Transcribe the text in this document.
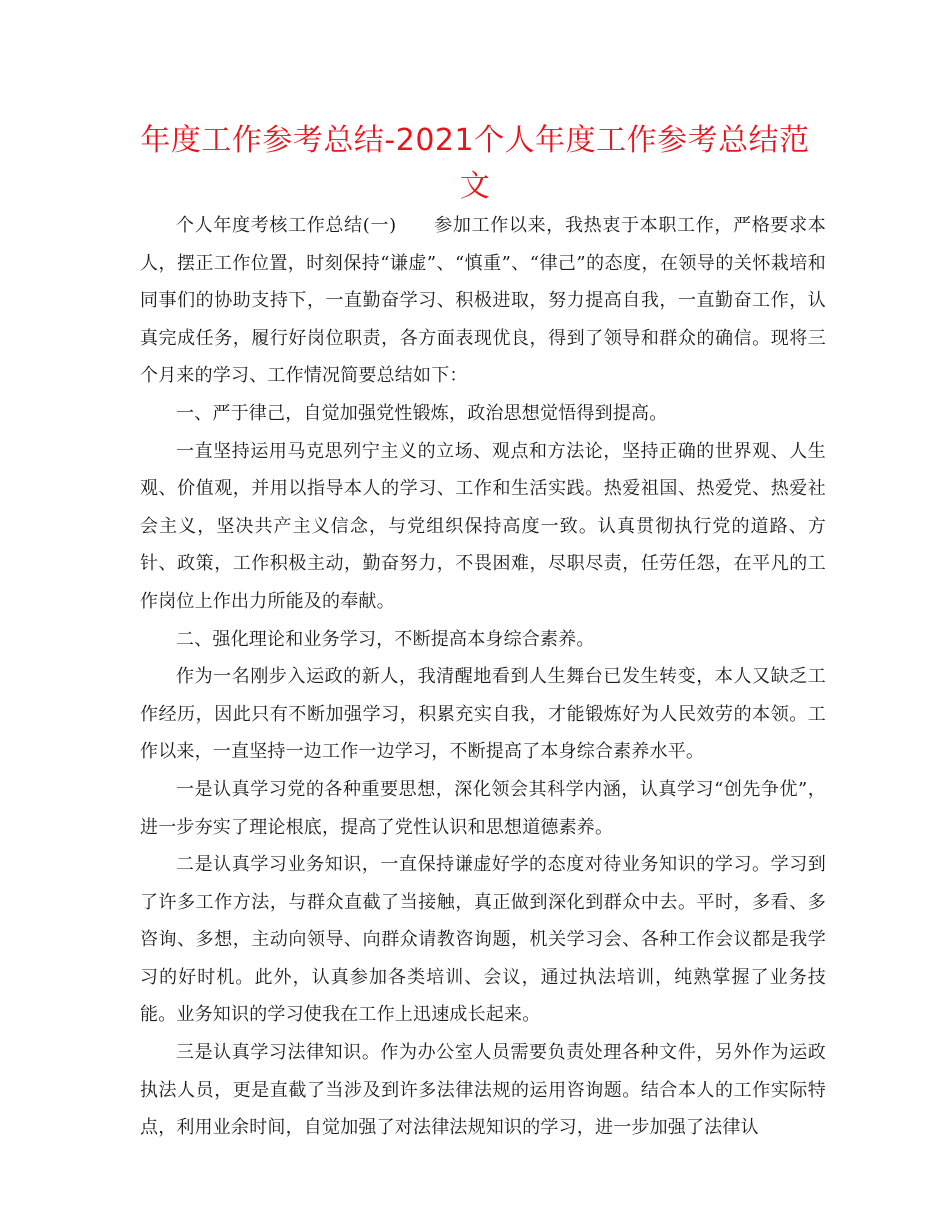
年度工作参考总结-2021个人年度工作参考总结范文

个人年度考核工作总结(一)　　参加工作以来，我热衷于本职工作，严格要求本人，摆正工作位置，时刻保持“谦虚”、“慎重”、“律己”的态度，在领导的关怀栽培和同事们的协助支持下，一直勤奋学习、积极进取，努力提高自我，一直勤奋工作，认真完成任务，履行好岗位职责，各方面表现优良，得到了领导和群众的确信。现将三个月来的学习、工作情况简要总结如下：

一、严于律己，自觉加强党性锻炼，政治思想觉悟得到提高。

一直坚持运用马克思列宁主义的立场、观点和方法论，坚持正确的世界观、人生观、价值观，并用以指导本人的学习、工作和生活实践。热爱祖国、热爱党、热爱社会主义，坚决共产主义信念，与党组织保持高度一致。认真贯彻执行党的道路、方针、政策，工作积极主动，勤奋努力，不畏困难，尽职尽责，任劳任怨，在平凡的工作岗位上作出力所能及的奉献。

二、强化理论和业务学习，不断提高本身综合素养。

作为一名刚步入运政的新人，我清醒地看到人生舞台已发生转变，本人又缺乏工作经历，因此只有不断加强学习，积累充实自我，才能锻炼好为人民效劳的本领。工作以来，一直坚持一边工作一边学习，不断提高了本身综合素养水平。

一是认真学习党的各种重要思想，深化领会其科学内涵，认真学习“创先争优”，进一步夯实了理论根底，提高了党性认识和思想道德素养。

二是认真学习业务知识，一直保持谦虚好学的态度对待业务知识的学习。学习到了许多工作方法，与群众直截了当接触，真正做到深化到群众中去。平时，多看、多咨询、多想，主动向领导、向群众请教咨询题，机关学习会、各种工作会议都是我学习的好时机。此外，认真参加各类培训、会议，通过执法培训，纯熟掌握了业务技能。业务知识的学习使我在工作上迅速成长起来。

三是认真学习法律知识。作为办公室人员需要负责处理各种文件，另外作为运政执法人员，更是直截了当涉及到许多法律法规的运用咨询题。结合本人的工作实际特点，利用业余时间，自觉加强了对法律法规知识的学习，进一步加强了法律认
